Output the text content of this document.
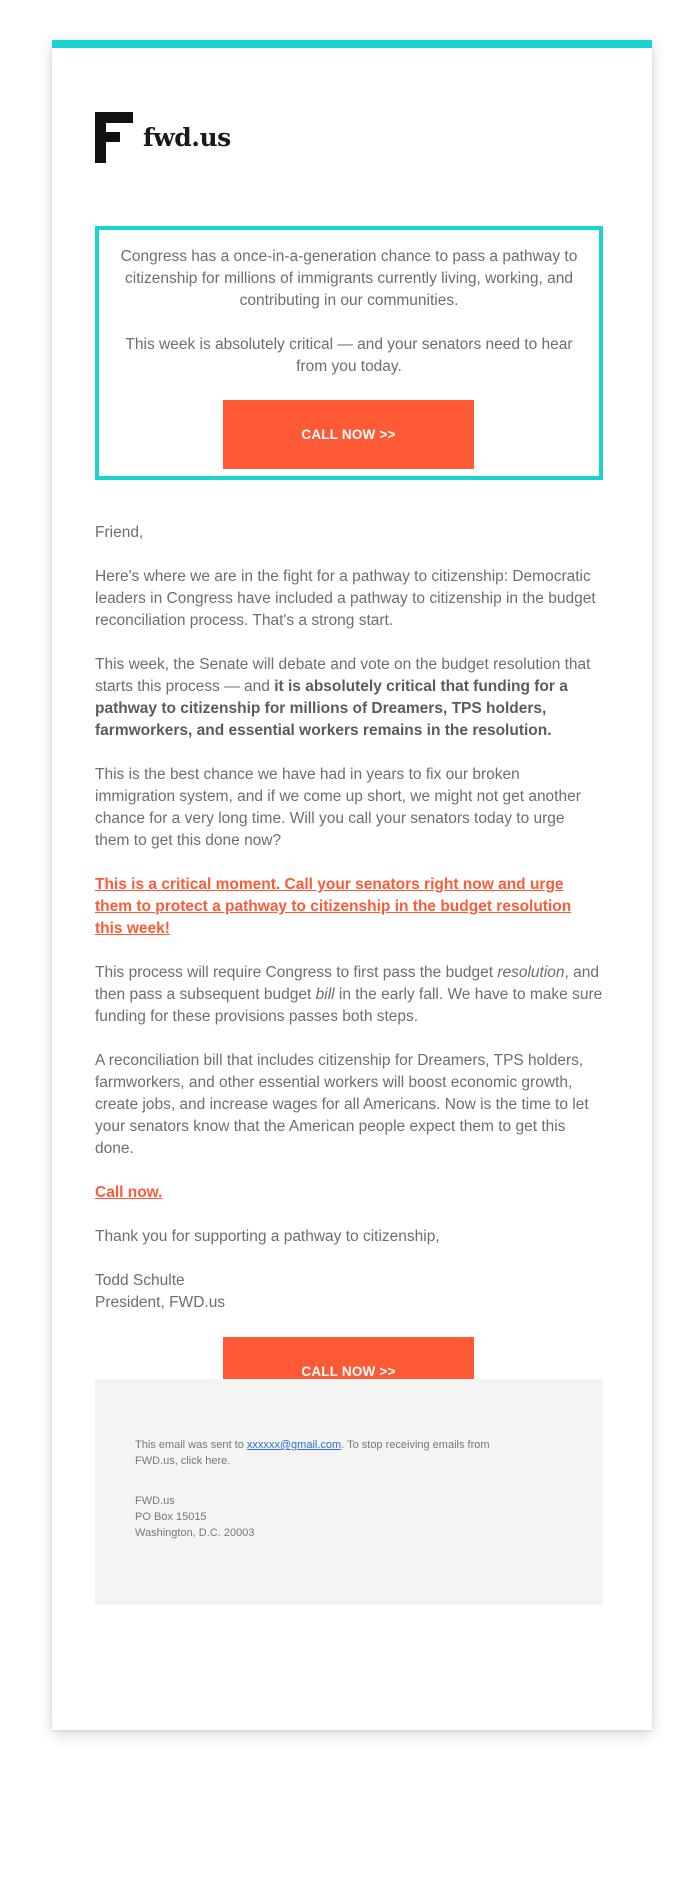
fwd.us

Congress has a once-in-a-generation chance to pass a pathway to citizenship for millions of immigrants currently living, working, and contributing in our communities.

This week is absolutely critical — and your senators need to hear from you today.

CALL NOW >>

Friend,

Here's where we are in the fight for a pathway to citizenship: Democratic leaders in Congress have included a pathway to citizenship in the budget reconciliation process. That's a strong start.

This week, the Senate will debate and vote on the budget resolution that starts this process — and it is absolutely critical that funding for a pathway to citizenship for millions of Dreamers, TPS holders, farmworkers, and essential workers remains in the resolution.

This is the best chance we have had in years to fix our broken immigration system, and if we come up short, we might not get another chance for a very long time. Will you call your senators today to urge them to get this done now?

This is a critical moment. Call your senators right now and urge them to protect a pathway to citizenship in the budget resolution this week!

This process will require Congress to first pass the budget resolution, and then pass a subsequent budget bill in the early fall. We have to make sure funding for these provisions passes both steps.

A reconciliation bill that includes citizenship for Dreamers, TPS holders, farmworkers, and other essential workers will boost economic growth, create jobs, and increase wages for all Americans. Now is the time to let your senators know that the American people expect them to get this done.

Call now.

Thank you for supporting a pathway to citizenship,

Todd Schulte
President, FWD.us

CALL NOW >>

This email was sent to xxxxxx@gmail.com. To stop receiving emails from FWD.us, click here.

FWD.us
PO Box 15015
Washington, D.C. 20003
